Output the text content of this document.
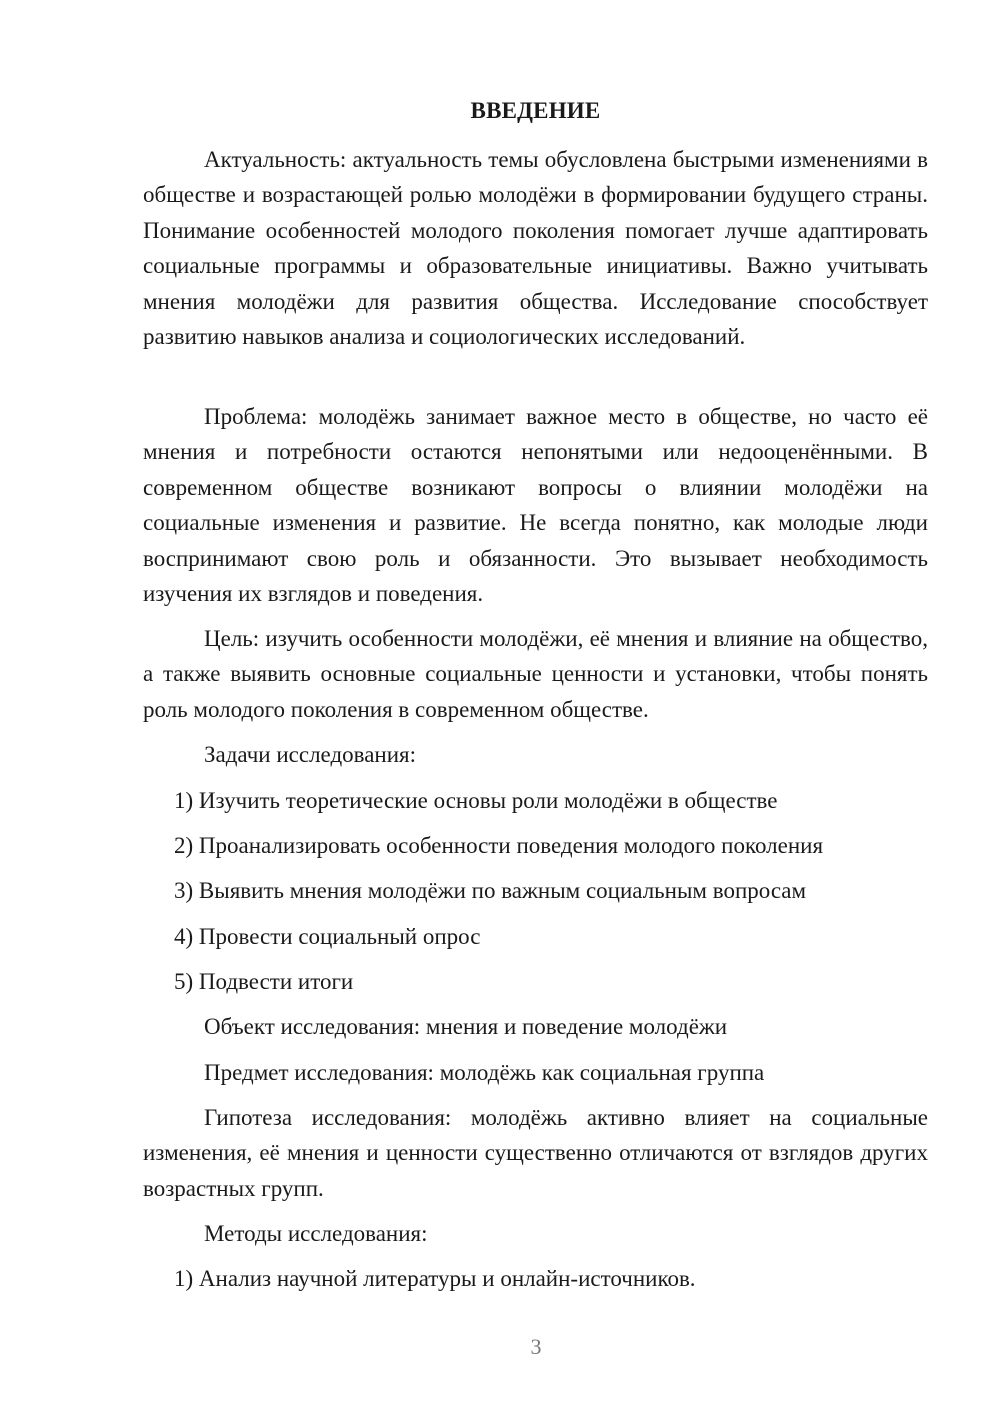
ВВЕДЕНИЕ

Актуальность: актуальность темы обусловлена быстрыми изменениями в обществе и возрастающей ролью молодёжи в формировании будущего страны. Понимание особенностей молодого поколения помогает лучше адаптировать социальные программы и образовательные инициативы. Важно учитывать мнения молодёжи для развития общества. Исследование способствует развитию навыков анализа и социологических исследований.

Проблема: молодёжь занимает важное место в обществе, но часто её мнения и потребности остаются непонятыми или недооценёнными. В современном обществе возникают вопросы о влиянии молодёжи на социальные изменения и развитие. Не всегда понятно, как молодые люди воспринимают свою роль и обязанности. Это вызывает необходимость изучения их взглядов и поведения.

Цель: изучить особенности молодёжи, её мнения и влияние на общество, а также выявить основные социальные ценности и установки, чтобы понять роль молодого поколения в современном обществе.

Задачи исследования:

1) Изучить теоретические основы роли молодёжи в обществе

2) Проанализировать особенности поведения молодого поколения

3) Выявить мнения молодёжи по важным социальным вопросам

4) Провести социальный опрос

5) Подвести итоги

Объект исследования: мнения и поведение молодёжи

Предмет исследования: молодёжь как социальная группа

Гипотеза исследования: молодёжь активно влияет на социальные изменения, её мнения и ценности существенно отличаются от взглядов других возрастных групп.

Методы исследования:

1) Анализ научной литературы и онлайн-источников.

3
